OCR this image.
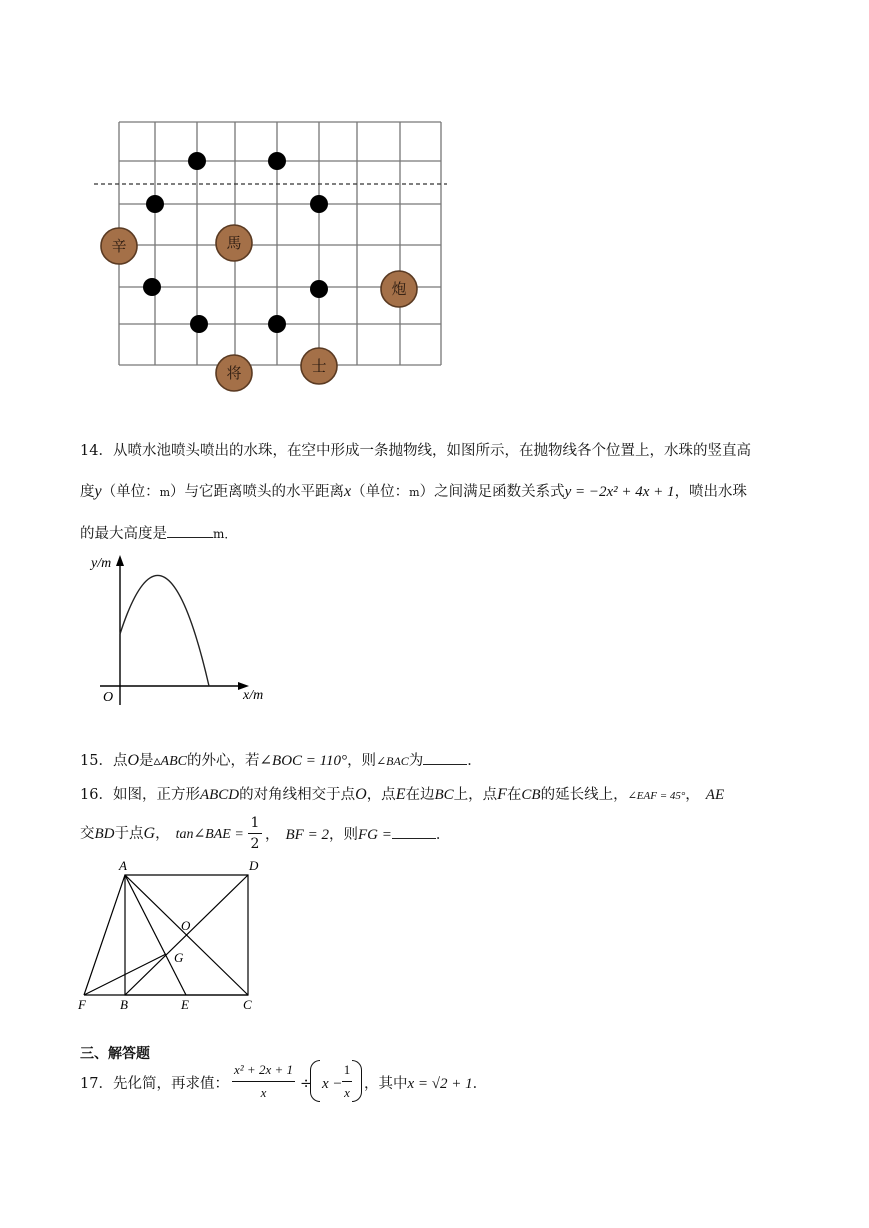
辛	馬
炮
将	士
14．从喷水池喷头喷出的水珠，在空中形成一条抛物线，如图所示，在抛物线各个位置上，水珠的竖直高
度y（单位：m）与它距离喷头的水平距离x（单位：m）之间满足函数关系式y = −2x² + 4x + 1，喷出水珠
的最大高度是	m．
y/m
x/m
O
15．点O是▵ABC的外心，若∠BOC = 110°，则∠BAC为	．
16．如图，正方形ABCD的对角线相交于点O，点E在边BC上，点F在CB的延长线上，∠EAF = 45°， AE
交BD于点G， tan∠BAE =
1
2
， BF = 2，则FG =	．
A	D
O
G
F	B	E	C
三、解答题
17．先化简，再求值：
x² + 2x + 1
x
÷ x −
1
x
，其中x = √2 + 1．
